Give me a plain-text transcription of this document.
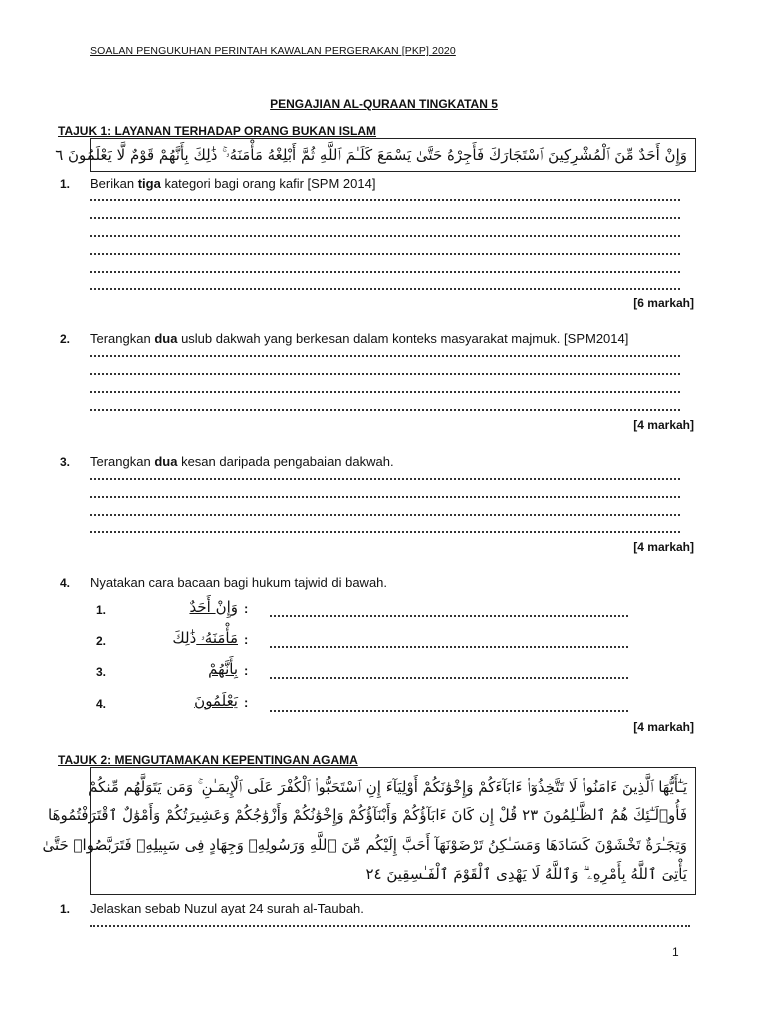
SOALAN PENGUKUHAN PERINTAH KAWALAN PERGERAKAN [PKP] 2020
PENGAJIAN AL-QURAAN TINGKATAN 5
TAJUK 1: LAYANAN TERHADAP ORANG BUKAN ISLAM
وَإِنْ أَحَدٌ مِّنَ ٱلْمُشْرِكِينَ ٱسْتَجَارَكَ فَأَجِرْهُ حَتَّىٰ يَسْمَعَ كَلَـٰمَ ٱللَّهِ ثُمَّ أَبْلِغْهُ مَأْمَنَهُۥ ۚ ذَٰلِكَ بِأَنَّهُمْ قَوْمٌ لَّا يَعْلَمُونَ ٦
1. Berikan tiga kategori bagi orang kafir [SPM 2014]
[6 markah]
2. Terangkan dua uslub dakwah yang berkesan dalam konteks masyarakat majmuk. [SPM2014]
[4 markah]
3. Terangkan dua kesan daripada pengabaian dakwah.
[4 markah]
4. Nyatakan cara bacaan bagi hukum tajwid di bawah.
1.	وَإِنْ أَحَدٌ	:
2.	مَأْمَنَهُۥ ذَٰلِكَ	:
3.	بِأَنَّهُمْ :
4.	يَعْلَمُونَ :
[4 markah]
TAJUK 2: MENGUTAMAKAN KEPENTINGAN AGAMA
يَـٰٓأَيُّهَا ٱلَّذِينَ ءَامَنُوا۟ لَا تَتَّخِذُوٓا۟ ءَابَآءَكُمْ وَإِخْوَٰنَكُمْ أَوْلِيَآءَ إِنِ ٱسْتَحَبُّوا۟ ٱلْكُفْرَ عَلَى ٱلْإِيمَـٰنِ ۚ وَمَن يَتَوَلَّهُم مِّنكُمْ
فَأُو۟لَـٰٓئِكَ هُمُ ٱلظَّـٰلِمُونَ ٢٣ قُلْ إِن كَانَ ءَابَآؤُكُمْ وَأَبْنَآؤُكُمْ وَإِخْوَٰنُكُمْ وَأَزْوَٰجُكُمْ وَعَشِيرَتُكُمْ وَأَمْوَٰلٌ ٱقْتَرَفْتُمُوهَا
وَتِجَـٰرَةٌ تَخْشَوْنَ كَسَادَهَا وَمَسَـٰكِنُ تَرْضَوْنَهَآ أَحَبَّ إِلَيْكُم مِّنَ ٱللَّهِ وَرَسُولِهِۦ وَجِهَادٍ فِى سَبِيلِهِۦ فَتَرَبَّصُوا۟ حَتَّىٰ
يَأْتِىَ ٱللَّهُ بِأَمْرِهِۦ ۗ وَٱللَّهُ لَا يَهْدِى ٱلْقَوْمَ ٱلْفَـٰسِقِينَ ٢٤
1. Jelaskan sebab Nuzul ayat 24 surah al-Taubah.
1
